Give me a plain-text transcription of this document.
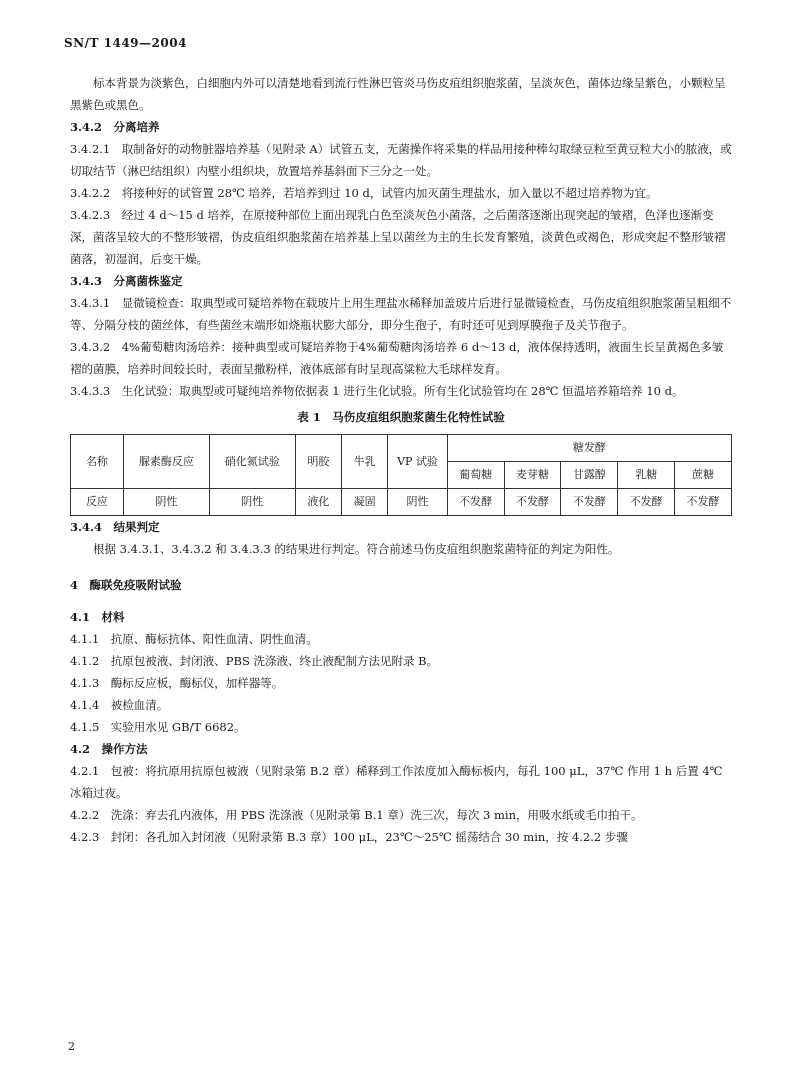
SN/T 1449—2004

标本背景为淡紫色，白细胞内外可以清楚地看到流行性淋巴管炎马伤皮疽组织胞浆菌，呈淡灰色，菌体边缘呈紫色，小颗粒呈黑紫色或黑色。

3.4.2　分离培养

3.4.2.1　取制备好的动物脏器培养基（见附录 A）试管五支，无菌操作将采集的样品用接种棒勾取绿豆粒至黄豆粒大小的脓液，或切取结节（淋巴结组织）内壁小组织块，放置培养基斜面下三分之一处。

3.4.2.2　将接种好的试管置 28℃ 培养，若培养到过 10 d，试管内加灭菌生理盐水，加入量以不超过培养物为宜。

3.4.2.3　经过 4 d～15 d 培养，在原接种部位上面出现乳白色至淡灰色小菌落，之后菌落逐渐出现突起的皱褶，色泽也逐渐变深，菌落呈较大的不整形皱褶，伪皮疽组织胞浆菌在培养基上呈以菌丝为主的生长发育繁殖，淡黄色或褐色，形成突起不整形皱褶菌落，初湿润，后变干燥。

3.4.3　分离菌株鉴定

3.4.3.1　显微镜检查：取典型或可疑培养物在载玻片上用生理盐水稀释加盖玻片后进行显微镜检查，马伤皮疽组织胞浆菌呈粗细不等、分隔分枝的菌丝体，有些菌丝末端形如烧瓶状膨大部分，即分生孢子，有时还可见到厚膜孢子及关节孢子。

3.4.3.2　4%葡萄糖肉汤培养：接种典型或可疑培养物于4%葡萄糖肉汤培养 6 d～13 d，液体保持透明，液面生长呈黄褐色多皱褶的菌膜，培养时间较长时，表面呈撒粉样，液体底部有时呈现高粱粒大毛球样发育。

3.4.3.3　生化试验：取典型或可疑纯培养物依据表 1 进行生化试验。所有生化试验管均在 28℃ 恒温培养箱培养 10 d。

表 1　马伤皮疽组织胞浆菌生化特性试验
名称	脲素酶反应	硝化氮试验	明胶	牛乳	VP 试验	糖发酵				
						葡萄糖	麦芽糖	甘露醇	乳糖	蔗糖
反应	阴性	阴性	液化	凝固	阴性	不发酵	不发酵	不发酵	不发酵	不发酵

3.4.4　结果判定

根据 3.4.3.1、3.4.3.2 和 3.4.3.3 的结果进行判定。符合前述马伤皮疽组织胞浆菌特征的判定为阳性。

4　酶联免疫吸附试验

4.1　材料

4.1.1　抗原、酶标抗体、阳性血清、阴性血清。

4.1.2　抗原包被液、封闭液、PBS 洗涤液、终止液配制方法见附录 B。

4.1.3　酶标反应板，酶标仪，加样器等。

4.1.4　被检血清。

4.1.5　实验用水见 GB/T 6682。

4.2　操作方法

4.2.1　包被：将抗原用抗原包被液（见附录第 B.2 章）稀释到工作浓度加入酶标板内，每孔 100 μL，37℃ 作用 1 h 后置 4℃ 冰箱过夜。

4.2.2　洗涤：弃去孔内液体，用 PBS 洗涤液（见附录第 B.1 章）洗三次，每次 3 min，用吸水纸或毛巾拍干。

4.2.3　封闭：各孔加入封闭液（见附录第 B.3 章）100 μL，23℃～25℃ 摇荡结合 30 min，按 4.2.2 步骤

2
